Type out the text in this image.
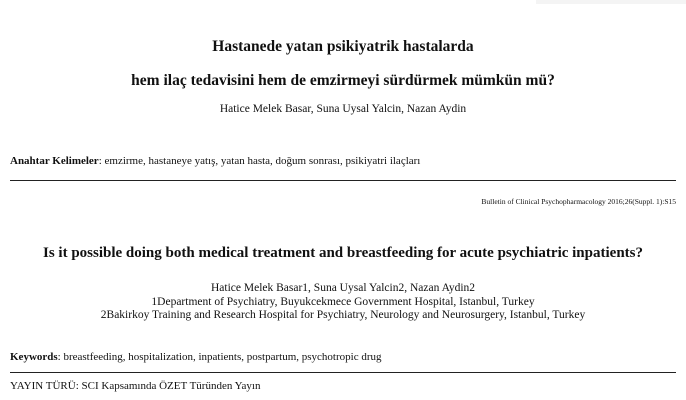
Hastanede yatan psikiyatrik hastalarda
hem ilaç tedavisini hem de emzirmeyi sürdürmek mümkün mü?
Hatice Melek Basar, Suna Uysal Yalcin, Nazan Aydin
Anahtar Kelimeler: emzirme, hastaneye yatış, yatan hasta, doğum sonrası, psikiyatri ilaçları
Bulletin of Clinical Psychopharmacology 2016;26(Suppl. 1):S15
Is it possible doing both medical treatment and breastfeeding for acute psychiatric inpatients?
Hatice Melek Basar1, Suna Uysal Yalcin2, Nazan Aydin2
1Department of Psychiatry, Buyukcekmece Government Hospital, Istanbul, Turkey
2Bakirkoy Training and Research Hospital for Psychiatry, Neurology and Neurosurgery, Istanbul, Turkey
Keywords: breastfeeding, hospitalization, inpatients, postpartum, psychotropic drug
YAYIN TÜRÜ: SCI Kapsamında ÖZET Türünden Yayın
